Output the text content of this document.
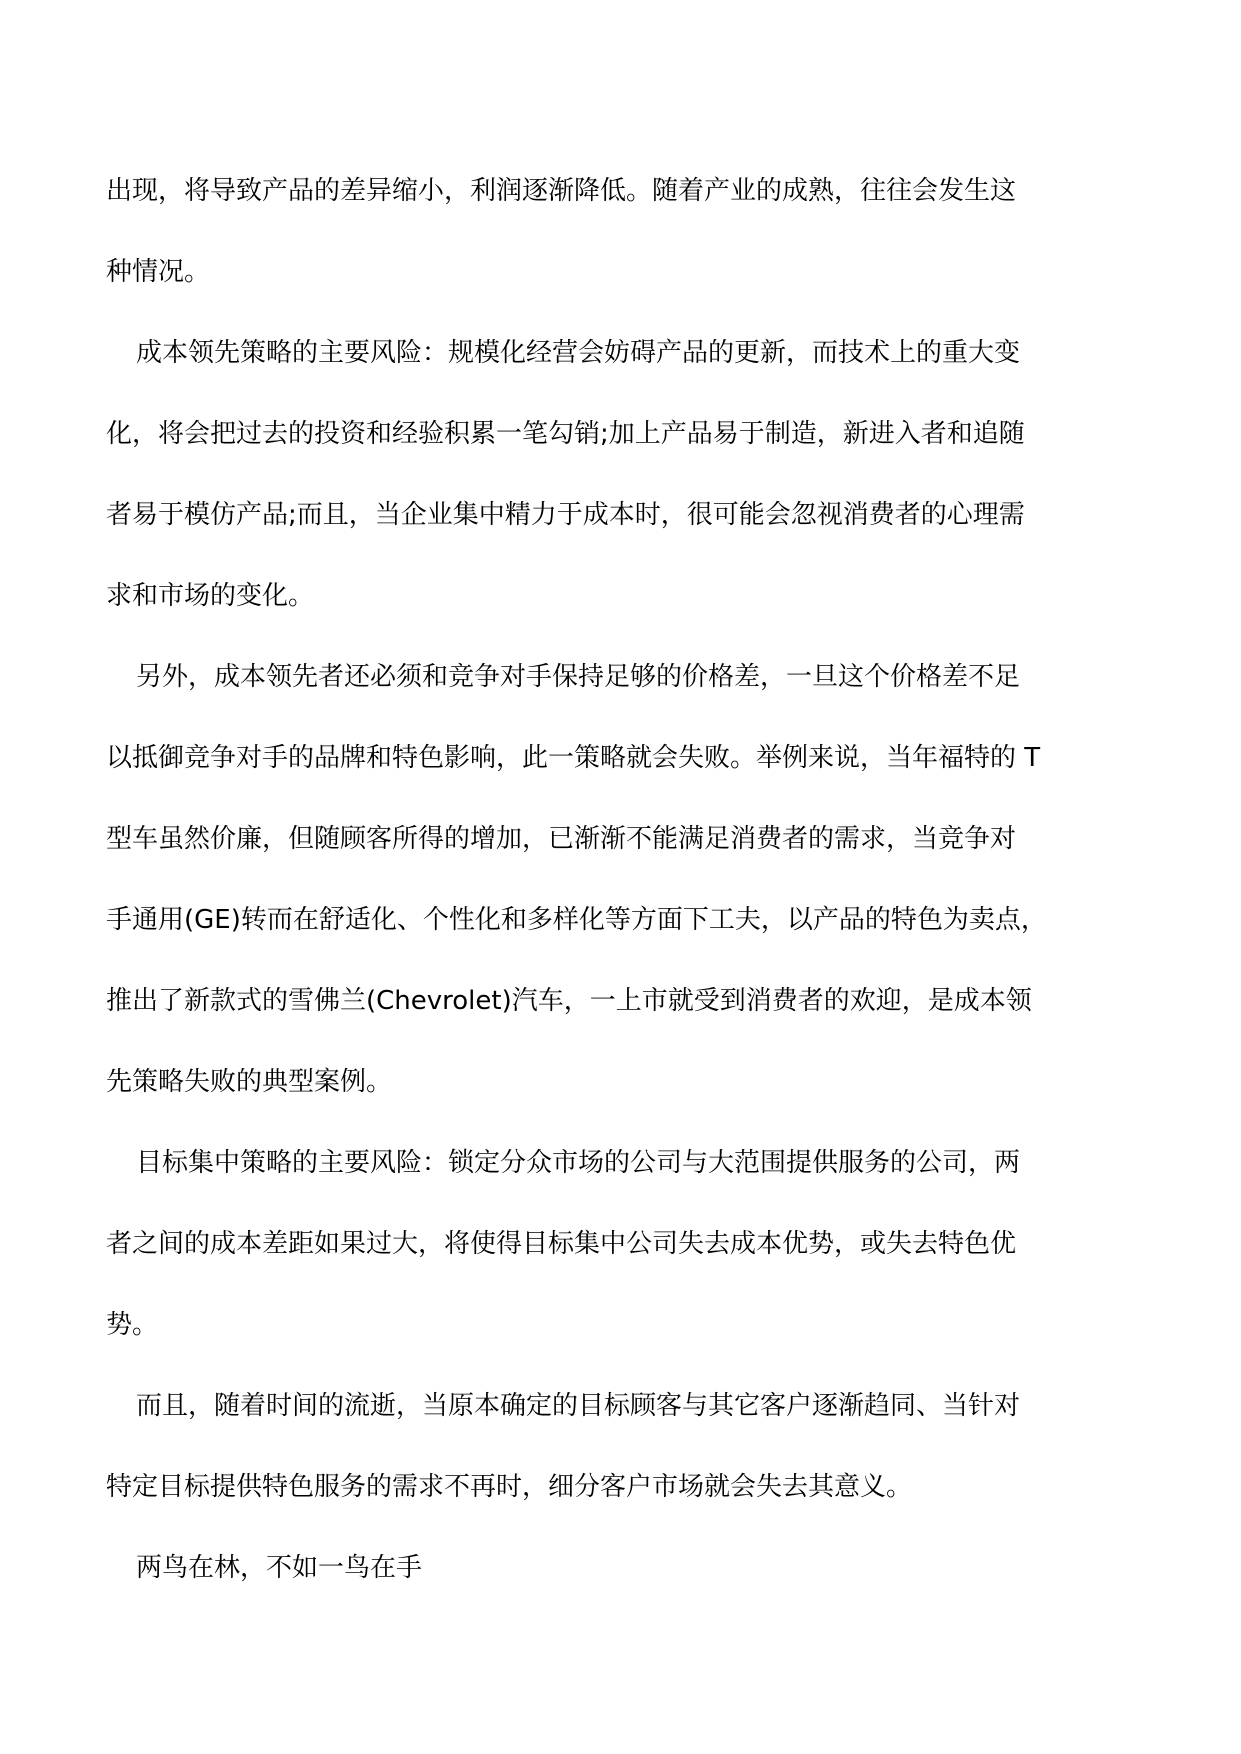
出现，将导致产品的差异缩小，利润逐渐降低。随着产业的成熟，往往会发生这
种情况。
成本领先策略的主要风险：规模化经营会妨碍产品的更新，而技术上的重大变
化，将会把过去的投资和经验积累一笔勾销;加上产品易于制造，新进入者和追随
者易于模仿产品;而且，当企业集中精力于成本时，很可能会忽视消费者的心理需
求和市场的变化。
另外，成本领先者还必须和竞争对手保持足够的价格差，一旦这个价格差不足
以抵御竞争对手的品牌和特色影响，此一策略就会失败。举例来说，当年福特的 T
型车虽然价廉，但随顾客所得的增加，已渐渐不能满足消费者的需求，当竞争对
手通用(GE)转而在舒适化、个性化和多样化等方面下工夫，以产品的特色为卖点，
推出了新款式的雪佛兰(Chevrolet)汽车，一上市就受到消费者的欢迎，是成本领
先策略失败的典型案例。
目标集中策略的主要风险：锁定分众市场的公司与大范围提供服务的公司，两
者之间的成本差距如果过大，将使得目标集中公司失去成本优势，或失去特色优
势。
而且，随着时间的流逝，当原本确定的目标顾客与其它客户逐渐趋同、当针对
特定目标提供特色服务的需求不再时，细分客户市场就会失去其意义。
两鸟在林，不如一鸟在手
